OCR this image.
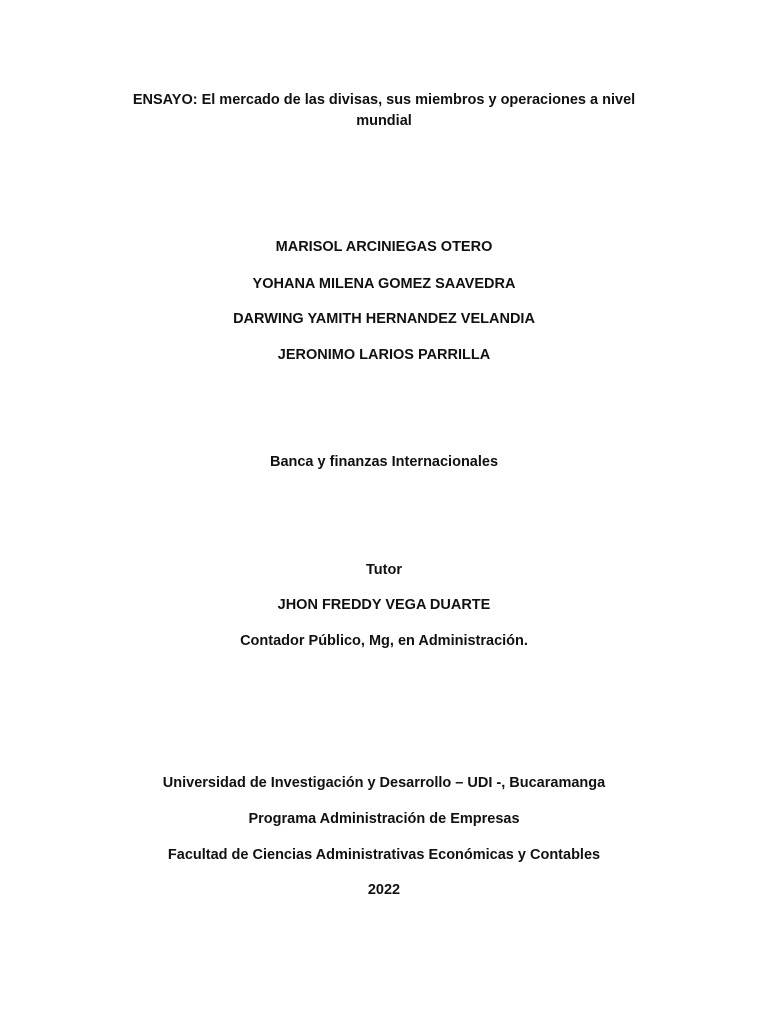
ENSAYO: El mercado de las divisas, sus miembros y operaciones a nivel mundial
MARISOL ARCINIEGAS OTERO
YOHANA MILENA GOMEZ SAAVEDRA
DARWING YAMITH HERNANDEZ VELANDIA
JERONIMO LARIOS PARRILLA
Banca y finanzas Internacionales
Tutor
JHON FREDDY VEGA DUARTE
Contador Público, Mg, en Administración.
Universidad de Investigación y Desarrollo – UDI -, Bucaramanga
Programa Administración de Empresas
Facultad de Ciencias Administrativas Económicas y Contables
2022
